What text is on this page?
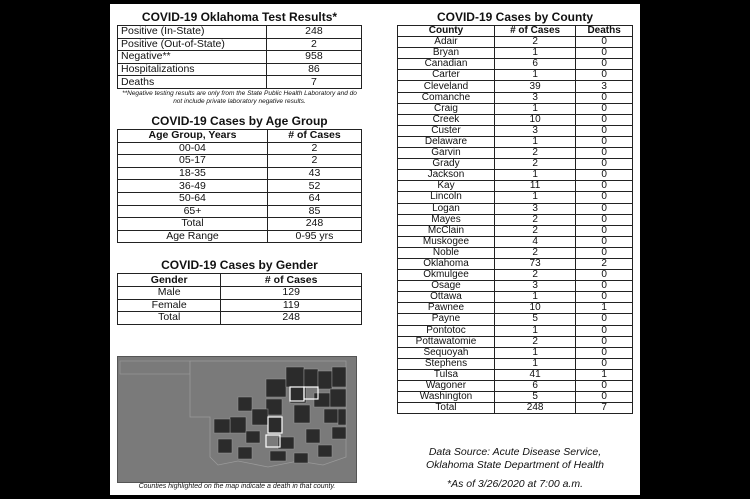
COVID-19 Oklahoma Test Results*
Positive (In-State)	248
Positive (Out-of-State)	2
Negative**	958
Hospitalizations	86
Deaths	7
**Negative testing results are only from the State Public Health Laboratory and do not include private laboratory negative results.
COVID-19 Cases by Age Group
Age Group, Years	# of Cases
00-04	2
05-17	2
18-35	43
36-49	52
50-64	64
65+	85
Total	248
Age Range	0-95 yrs
COVID-19 Cases by Gender
Gender	# of Cases
Male	129
Female	119
Total	248
Counties highlighted on the map indicate a death in that county.
COVID-19 Cases by County
County	# of Cases	Deaths
Adair	2	0
Bryan	1	0
Canadian	6	0
Carter	1	0
Cleveland	39	3
Comanche	3	0
Craig	1	0
Creek	10	0
Custer	3	0
Delaware	1	0
Garvin	2	0
Grady	2	0
Jackson	1	0
Kay	11	0
Lincoln	1	0
Logan	3	0
Mayes	2	0
McClain	2	0
Muskogee	4	0
Noble	2	0
Oklahoma	73	2
Okmulgee	2	0
Osage	3	0
Ottawa	1	0
Pawnee	10	1
Payne	5	0
Pontotoc	1	0
Pottawatomie	2	0
Sequoyah	1	0
Stephens	1	0
Tulsa	41	1
Wagoner	6	0
Washington	5	0
Total	248	7
Data Source: Acute Disease Service,
Oklahoma State Department of Health
*As of 3/26/2020 at 7:00 a.m.
